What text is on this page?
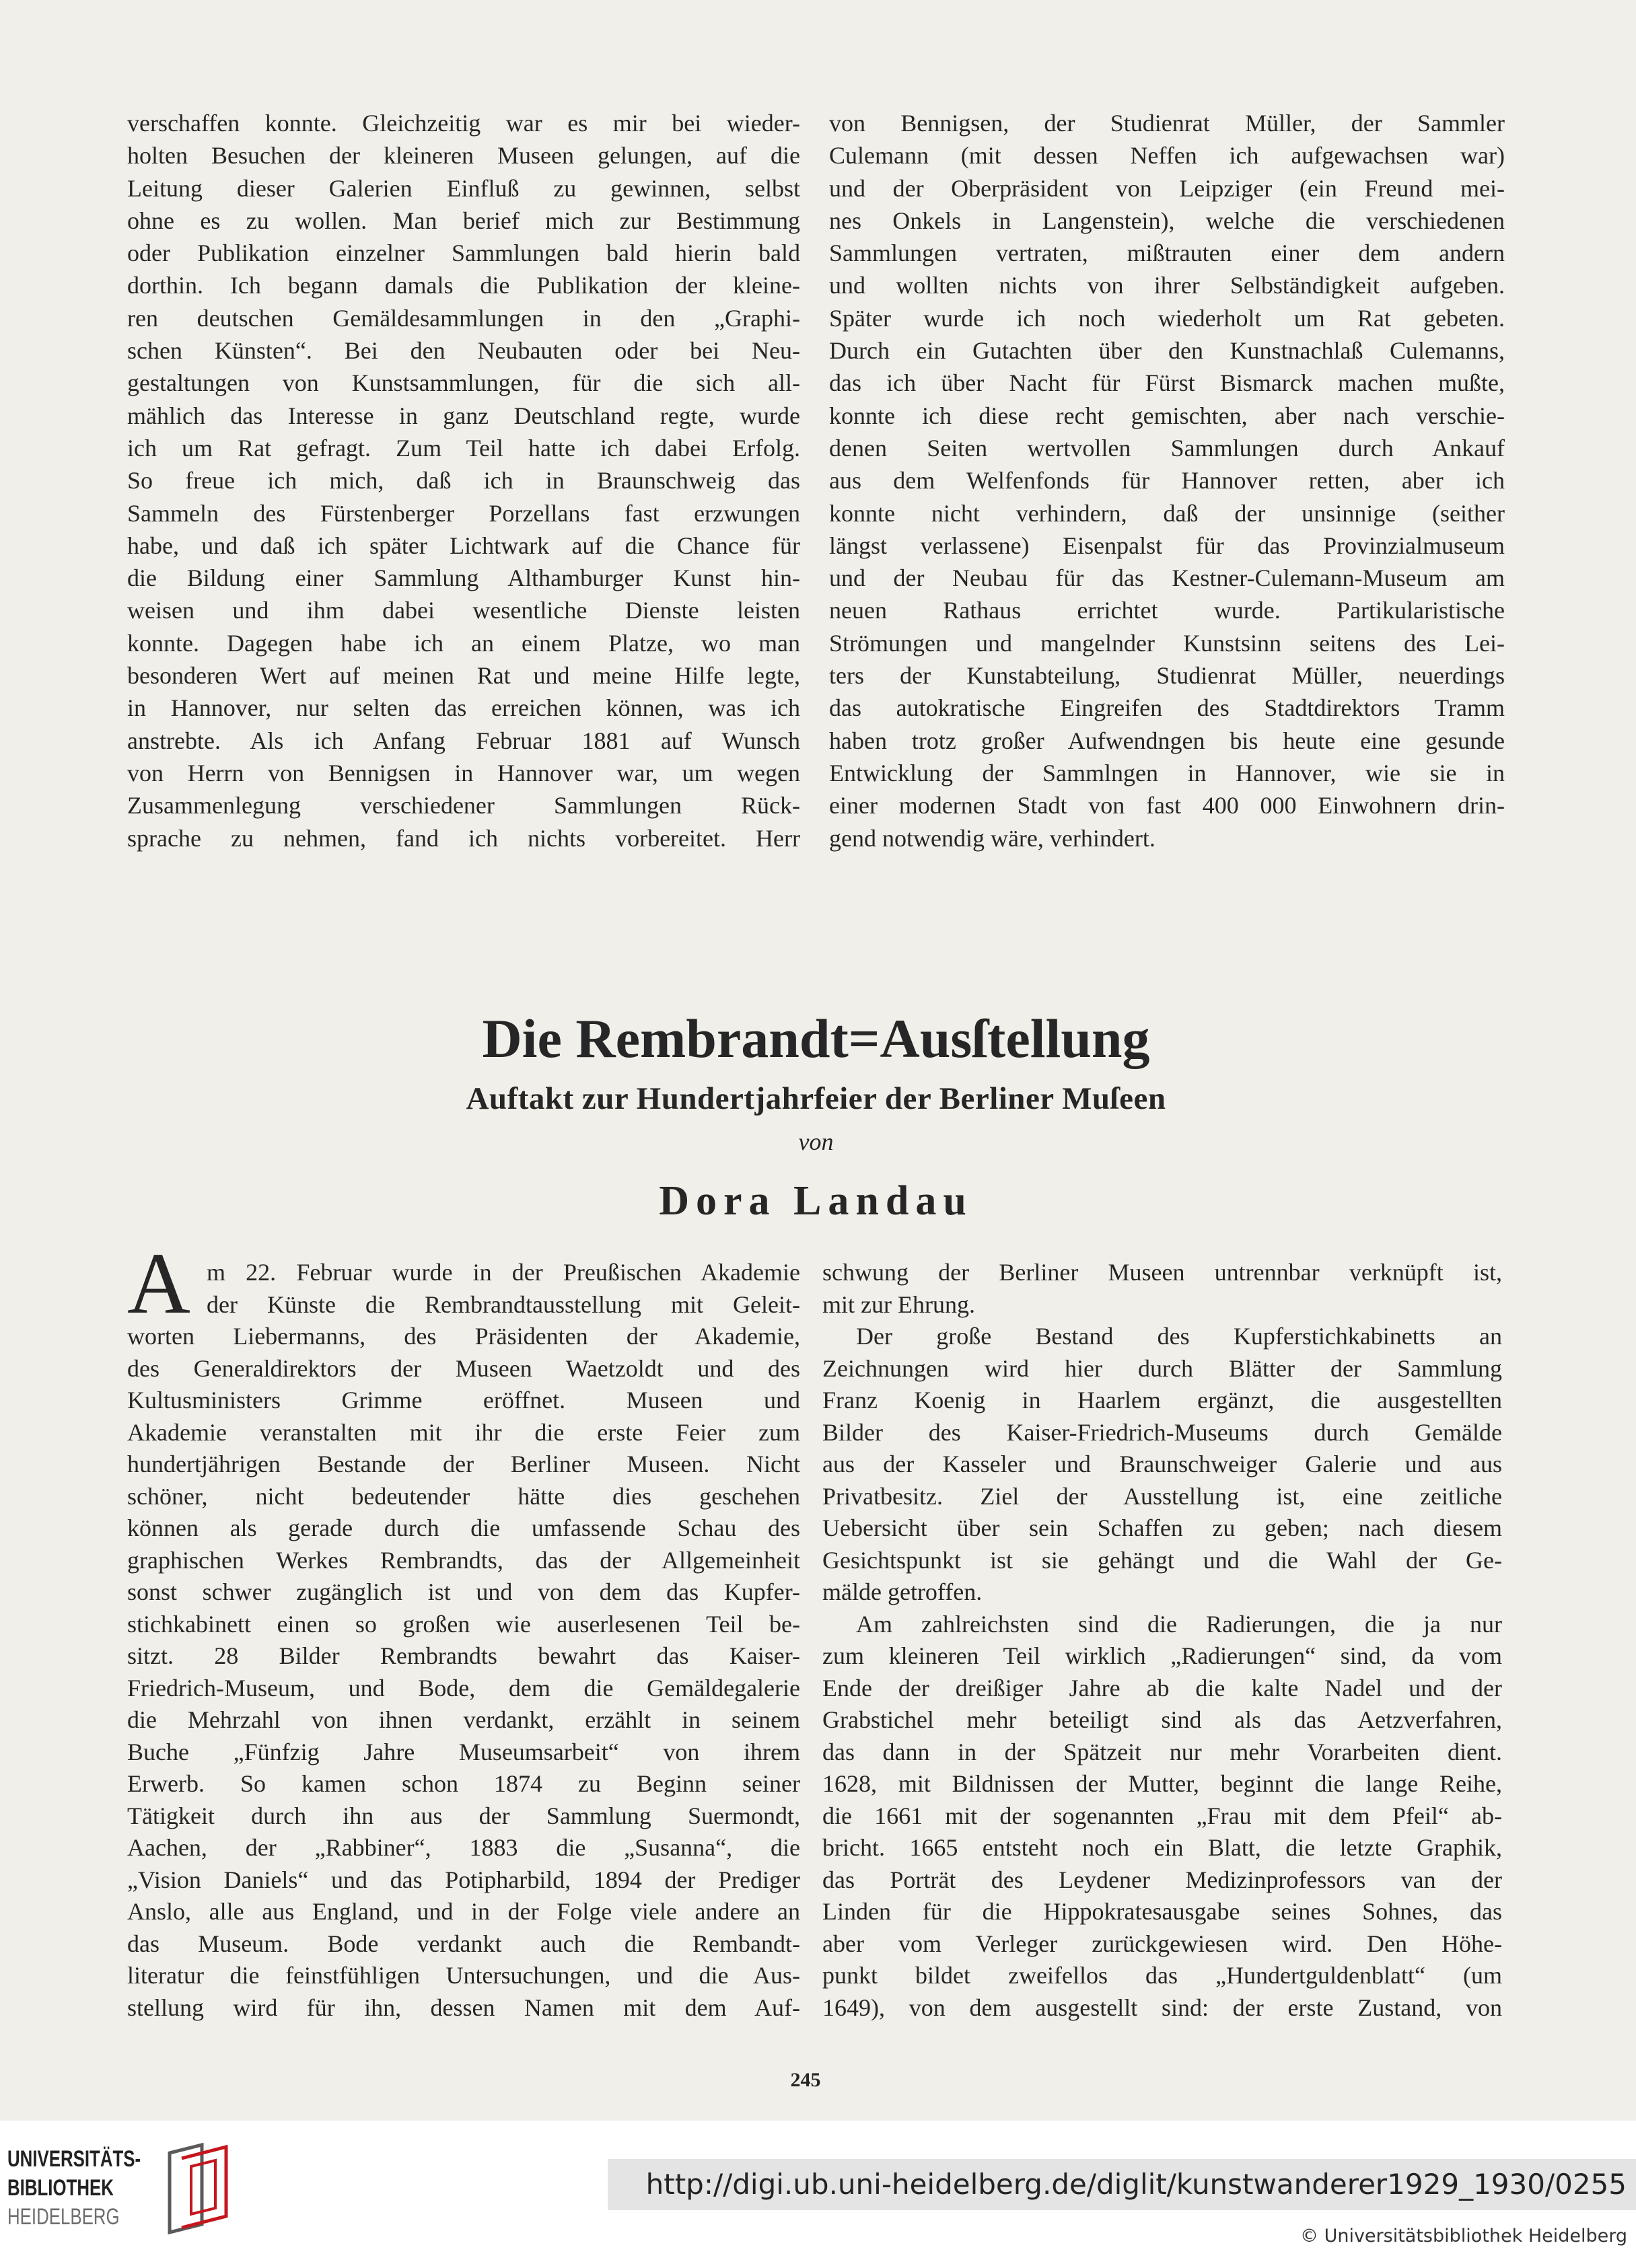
verschaffen konnte. Gleichzeitig war es mir bei wieder-
holten Besuchen der kleineren Museen gelungen, auf die
Leitung dieser Galerien Einfluß zu gewinnen, selbst
ohne es zu wollen. Man berief mich zur Bestimmung
oder Publikation einzelner Sammlungen bald hierin bald
dorthin. Ich begann damals die Publikation der kleine-
ren deutschen Gemäldesammlungen in den „Graphi-
schen Künsten“. Bei den Neubauten oder bei Neu-
gestaltungen von Kunstsammlungen, für die sich all-
mählich das Interesse in ganz Deutschland regte, wurde
ich um Rat gefragt. Zum Teil hatte ich dabei Erfolg.
So freue ich mich, daß ich in Braunschweig das
Sammeln des Fürstenberger Porzellans fast erzwungen
habe, und daß ich später Lichtwark auf die Chance für
die Bildung einer Sammlung Althamburger Kunst hin-
weisen und ihm dabei wesentliche Dienste leisten
konnte. Dagegen habe ich an einem Platze, wo man
besonderen Wert auf meinen Rat und meine Hilfe legte,
in Hannover, nur selten das erreichen können, was ich
anstrebte. Als ich Anfang Februar 1881 auf Wunsch
von Herrn von Bennigsen in Hannover war, um wegen
Zusammenlegung verschiedener Sammlungen Rück-
sprache zu nehmen, fand ich nichts vorbereitet. Herr
von Bennigsen, der Studienrat Müller, der Sammler
Culemann (mit dessen Neffen ich aufgewachsen war)
und der Oberpräsident von Leipziger (ein Freund mei-
nes Onkels in Langenstein), welche die verschiedenen
Sammlungen vertraten, mißtrauten einer dem andern
und wollten nichts von ihrer Selbständigkeit aufgeben.
Später wurde ich noch wiederholt um Rat gebeten.
Durch ein Gutachten über den Kunstnachlaß Culemanns,
das ich über Nacht für Fürst Bismarck machen mußte,
konnte ich diese recht gemischten, aber nach verschie-
denen Seiten wertvollen Sammlungen durch Ankauf
aus dem Welfenfonds für Hannover retten, aber ich
konnte nicht verhindern, daß der unsinnige (seither
längst verlassene) Eisenpalst für das Provinzialmuseum
und der Neubau für das Kestner-Culemann-Museum am
neuen Rathaus errichtet wurde. Partikularistische
Strömungen und mangelnder Kunstsinn seitens des Lei-
ters der Kunstabteilung, Studienrat Müller, neuerdings
das autokratische Eingreifen des Stadtdirektors Tramm
haben trotz großer Aufwendngen bis heute eine gesunde
Entwicklung der Sammlngen in Hannover, wie sie in
einer modernen Stadt von fast 400 000 Einwohnern drin-
gend notwendig wäre, verhindert.
Die Rembrandt=Ausſtellung
Auftakt zur Hundertjahrfeier der Berliner Muſeen
von
Dora Landau
A m 22. Februar wurde in der Preußischen Akademie
der Künste die Rembrandtausstellung mit Geleit-
worten Liebermanns, des Präsidenten der Akademie,
des Generaldirektors der Museen Waetzoldt und des
Kultusministers Grimme eröffnet. Museen und
Akademie veranstalten mit ihr die erste Feier zum
hundertjährigen Bestande der Berliner Museen. Nicht
schöner, nicht bedeutender hätte dies geschehen
können als gerade durch die umfassende Schau des
graphischen Werkes Rembrandts, das der Allgemeinheit
sonst schwer zugänglich ist und von dem das Kupfer-
stichkabinett einen so großen wie auserlesenen Teil be-
sitzt. 28 Bilder Rembrandts bewahrt das Kaiser-
Friedrich-Museum, und Bode, dem die Gemäldegalerie
die Mehrzahl von ihnen verdankt, erzählt in seinem
Buche „Fünfzig Jahre Museumsarbeit“ von ihrem
Erwerb. So kamen schon 1874 zu Beginn seiner
Tätigkeit durch ihn aus der Sammlung Suermondt,
Aachen, der „Rabbiner“, 1883 die „Susanna“, die
„Vision Daniels“ und das Potipharbild, 1894 der Prediger
Anslo, alle aus England, und in der Folge viele andere an
das Museum. Bode verdankt auch die Rembandt-
literatur die feinstfühligen Untersuchungen, und die Aus-
stellung wird für ihn, dessen Namen mit dem Auf-
schwung der Berliner Museen untrennbar verknüpft ist,
mit zur Ehrung.
Der große Bestand des Kupferstichkabinetts an
Zeichnungen wird hier durch Blätter der Sammlung
Franz Koenig in Haarlem ergänzt, die ausgestellten
Bilder des Kaiser-Friedrich-Museums durch Gemälde
aus der Kasseler und Braunschweiger Galerie und aus
Privatbesitz. Ziel der Ausstellung ist, eine zeitliche
Uebersicht über sein Schaffen zu geben; nach diesem
Gesichtspunkt ist sie gehängt und die Wahl der Ge-
mälde getroffen.
Am zahlreichsten sind die Radierungen, die ja nur
zum kleineren Teil wirklich „Radierungen“ sind, da vom
Ende der dreißiger Jahre ab die kalte Nadel und der
Grabstichel mehr beteiligt sind als das Aetzverfahren,
das dann in der Spätzeit nur mehr Vorarbeiten dient.
1628, mit Bildnissen der Mutter, beginnt die lange Reihe,
die 1661 mit der sogenannten „Frau mit dem Pfeil“ ab-
bricht. 1665 entsteht noch ein Blatt, die letzte Graphik,
das Porträt des Leydener Medizinprofessors van der
Linden für die Hippokratesausgabe seines Sohnes, das
aber vom Verleger zurückgewiesen wird. Den Höhe-
punkt bildet zweifellos das „Hundertguldenblatt“ (um
1649), von dem ausgestellt sind: der erste Zustand, von
245
UNIVERSITÄTS-
BIBLIOTHEK
HEIDELBERG
http://digi.ub.uni-heidelberg.de/diglit/kunstwanderer1929_1930/0255
© Universitätsbibliothek Heidelberg
